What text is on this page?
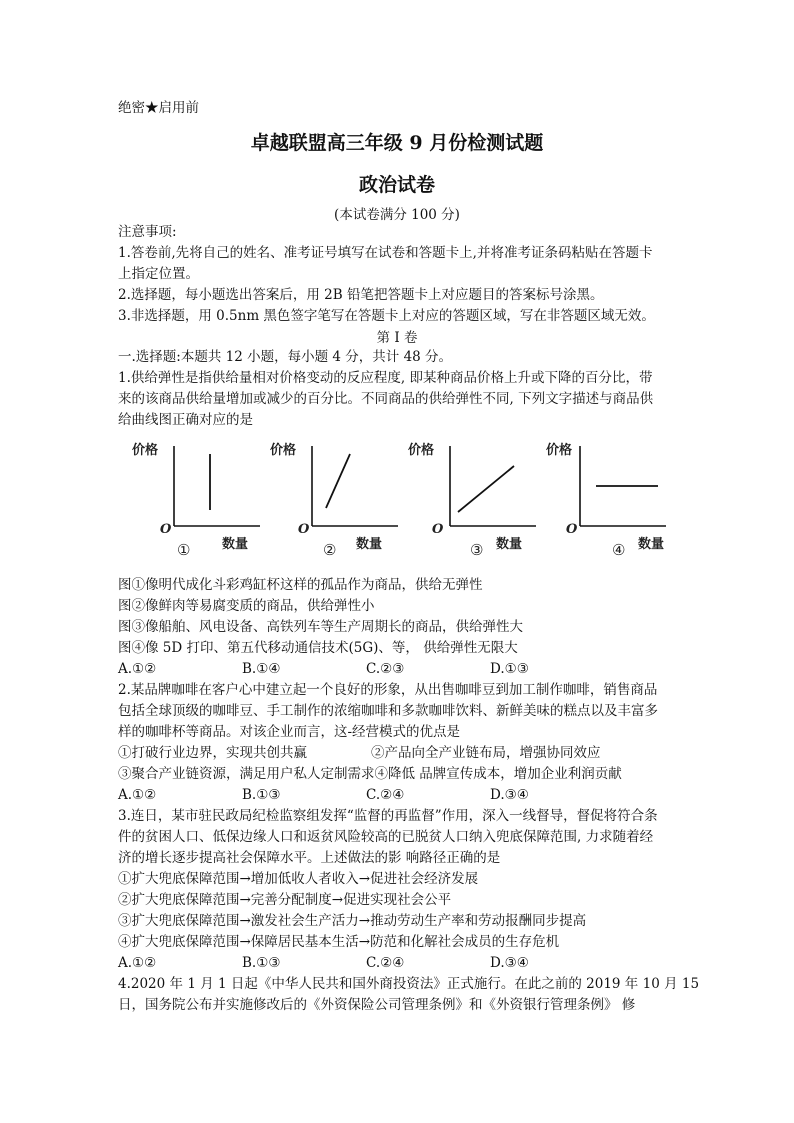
绝密★启用前
卓越联盟高三年级 9 月份检测试题
政治试卷
(本试卷满分 100 分)
注意事项:
1.答卷前,先将自己的姓名、准考证号填写在试卷和答题卡上,并将准考证条码粘贴在答题卡
上指定位置。
2.选择题，每小题选出答案后，用 2B 铅笔把答题卡上对应题目的答案标号涂黑。
3.非选择题，用 0.5nm 黑色签字笔写在答题卡上对应的答题区域，写在非答题区域无效。
第 I 卷
一.选择题:本题共 12 小题，每小题 4 分，共计 48 分。
1.供给弹性是指供给量相对价格变动的反应程度, 即某种商品价格上升或下降的百分比，带
来的该商品供给量增加或减少的百分比。不同商品的供给弹性不同, 下列文字描述与商品供
给曲线图正确对应的是
价格
O
① 数量
价格
O
② 数量
价格
O
③ 数量
价格
O
④ 数量
图①像明代成化斗彩鸡缸杯这样的孤品作为商品，供给无弹性
图②像鲜肉等易腐变质的商品，供给弹性小
图③像船舶、风电设备、高铁列车等生产周期长的商品，供给弹性大
图④像 5D 打印、第五代移动通信技术(5G)、等， 供给弹性无限大
A.①②	B.①④	C.②③	D.①③
2.某品牌咖啡在客户心中建立起一个良好的形象，从出售咖啡豆到加工制作咖啡，销售商品
包括全球顶级的咖啡豆、手工制作的浓缩咖啡和多款咖啡饮料、新鲜美味的糕点以及丰富多
样的咖啡杯等商品。对该企业而言，这-经营模式的优点是
①打破行业边界，实现共创共赢	②产品向全产业链布局，增强协同效应
③聚合产业链资源，满足用户私人定制需求④降低 品牌宣传成本，增加企业利润贡献
A.①②	B.①③	C.②④	D.③④
3.连日，某市驻民政局纪检监察组发挥“监督的再监督”作用，深入一线督导，督促将符合条
件的贫困人口、低保边缘人口和返贫风险较高的已脱贫人口纳入兜底保障范围, 力求随着经
济的增长逐步提高社会保障水平。上述做法的影 响路径正确的是
①扩大兜底保障范围→增加低收人者收入→促进社会经济发展
②扩大兜底保障范围→完善分配制度→促进实现社会公平
③扩大兜底保障范围→激发社会生产活力→推动劳动生产率和劳动报酬同步提高
④扩大兜底保障范围→保障居民基本生活→防范和化解社会成员的生存危机
A.①②	B.①③	C.②④	D.③④
4.2020 年 1 月 1 日起《中华人民共和国外商投资法》正式施行。在此之前的 2019 年 10 月 15
日，国务院公布并实施修改后的《外资保险公司管理条例》和《外资银行管理条例》 修
